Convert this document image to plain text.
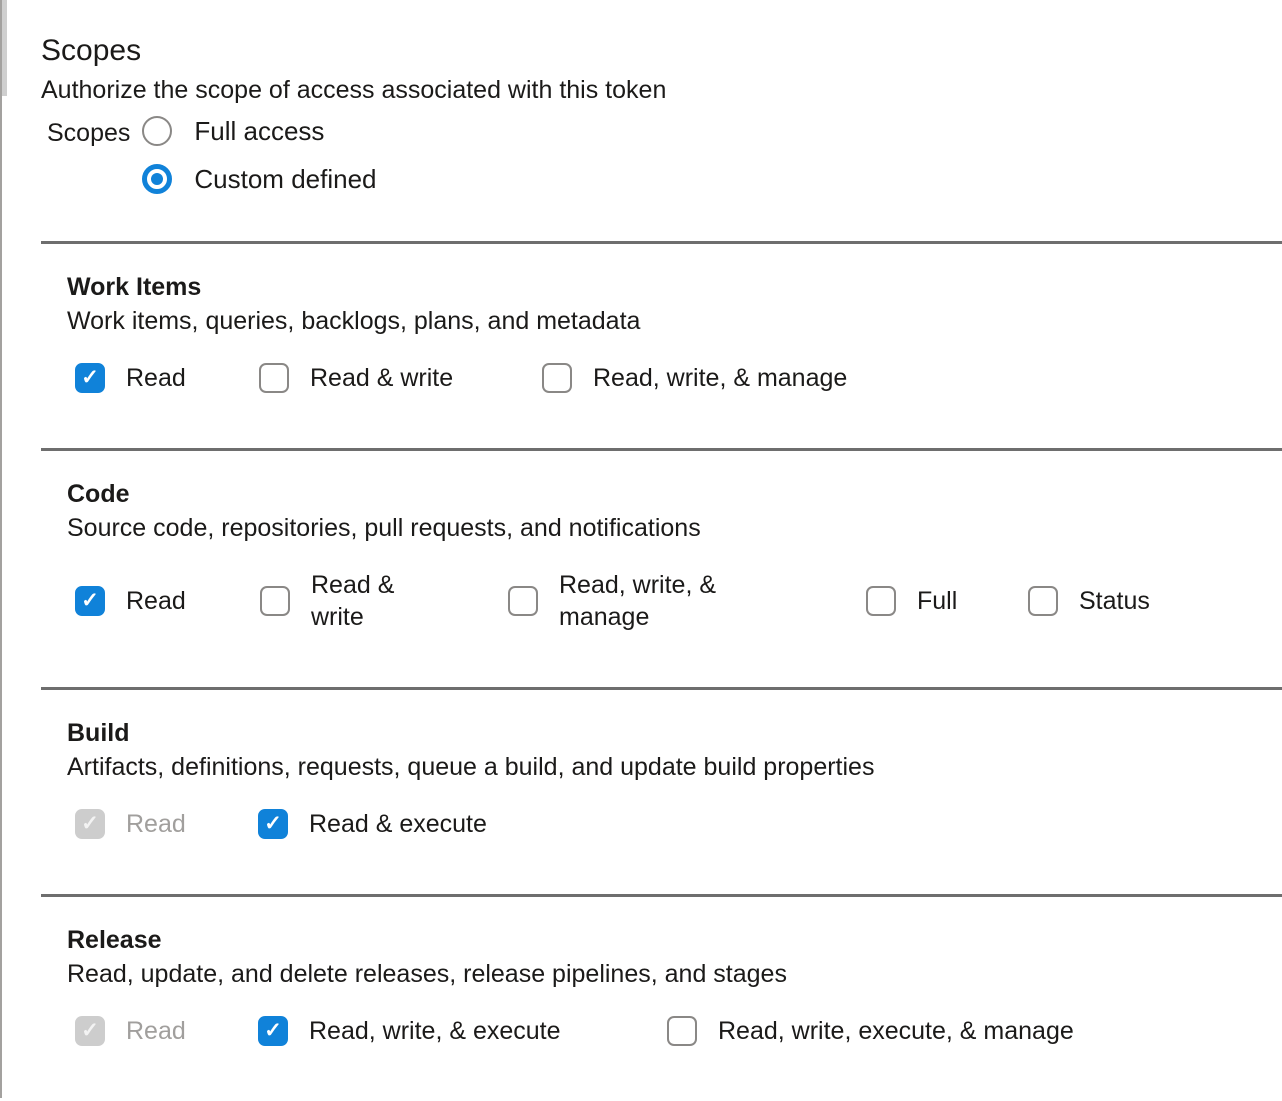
Scopes
Authorize the scope of access associated with this token
Scopes Full access
Custom defined
Work Items
Work items, queries, backlogs, plans, and metadata
✓ Read	Read & write	Read, write, & manage
Code
Source code, repositories, pull requests, and notifications
✓ Read
Read & write
Read, write, & manage
Full	Status
Build
Artifacts, definitions, requests, queue a build, and update build properties
✓ Read	✓ Read & execute
Release
Read, update, and delete releases, release pipelines, and stages
✓ Read	✓ Read, write, & execute	Read, write, execute, & manage
